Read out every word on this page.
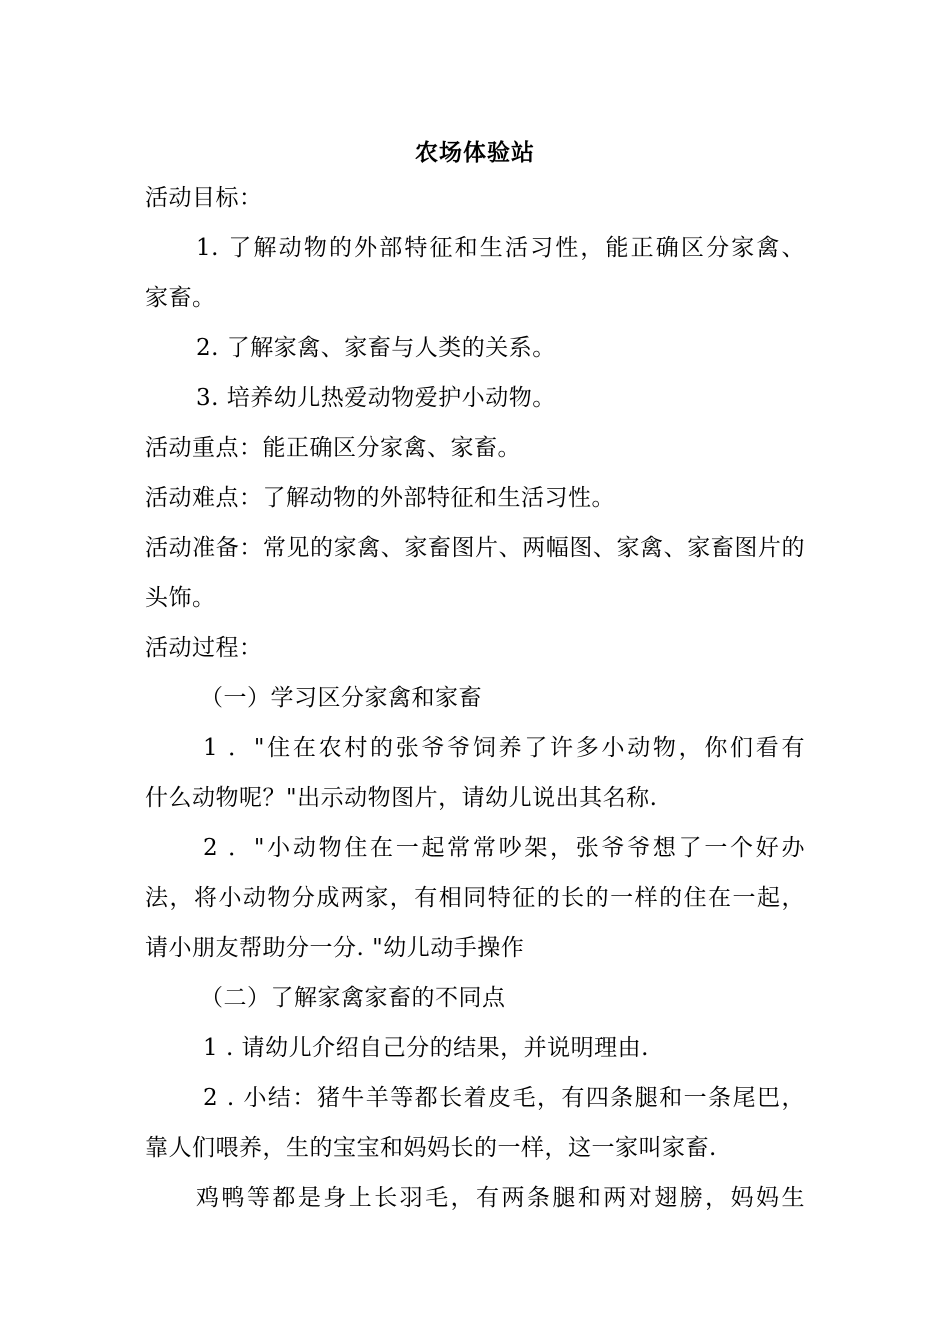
农场体验站
活动目标：
1. 了解动物的外部特征和生活习性，能正确区分家禽、
家畜。
2. 了解家禽、家畜与人类的关系。
3. 培养幼儿热爱动物爱护小动物。
活动重点：能正确区分家禽、家畜。
活动难点：了解动物的外部特征和生活习性。
活动准备：常见的家禽、家畜图片、两幅图、家禽、家畜图片的
头饰。
活动过程：
（一）学习区分家禽和家畜
1 ．"住在农村的张爷爷饲养了许多小动物，你们看有
什么动物呢？"出示动物图片，请幼儿说出其名称.
2 ．"小动物住在一起常常吵架，张爷爷想了一个好办
法，将小动物分成两家，有相同特征的长的一样的住在一起，
请小朋友帮助分一分. "幼儿动手操作
（二）了解家禽家畜的不同点
1 . 请幼儿介绍自己分的结果，并说明理由.
2 . 小结：猪牛羊等都长着皮毛，有四条腿和一条尾巴，
靠人们喂养，生的宝宝和妈妈长的一样，这一家叫家畜.
鸡鸭等都是身上长羽毛，有两条腿和两对翅膀，妈妈生
